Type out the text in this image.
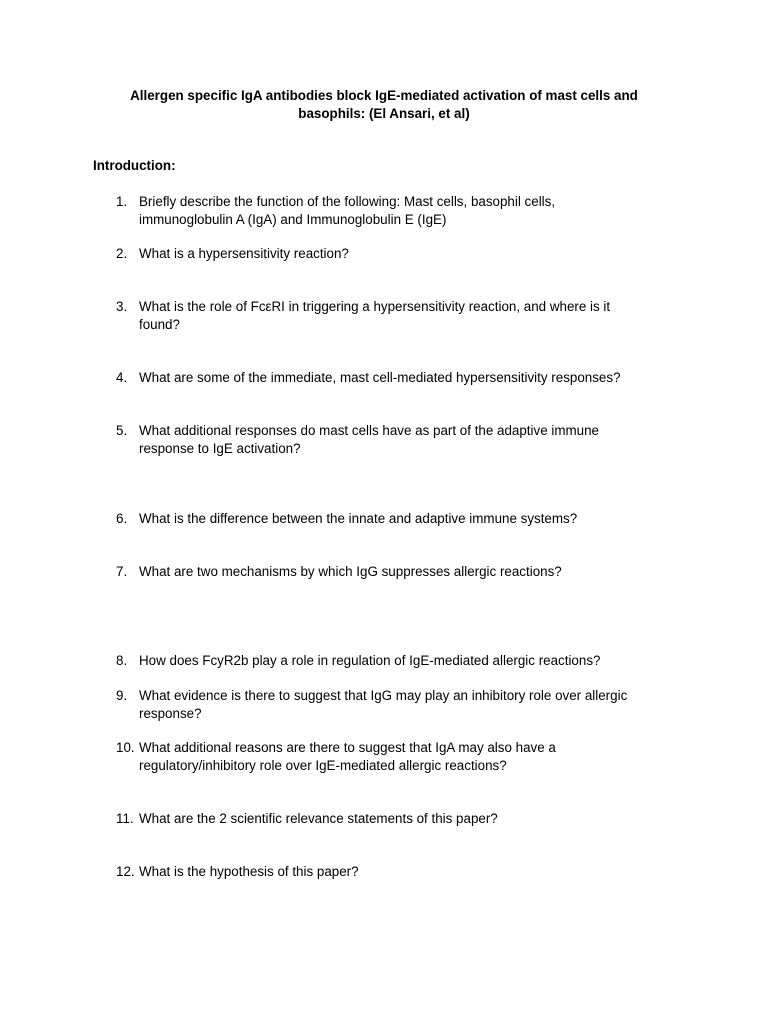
Allergen specific IgA antibodies block IgE-mediated activation of mast cells and
basophils: (El Ansari, et al)

Introduction:

1. Briefly describe the function of the following: Mast cells, basophil cells,
immunoglobulin A (IgA) and Immunoglobulin E (IgE)
2. What is a hypersensitivity reaction?
3. What is the role of FcεRI in triggering a hypersensitivity reaction, and where is it
found?
4. What are some of the immediate, mast cell-mediated hypersensitivity responses?
5. What additional responses do mast cells have as part of the adaptive immune
response to IgE activation?
6. What is the difference between the innate and adaptive immune systems?
7. What are two mechanisms by which IgG suppresses allergic reactions?
8. How does FcyR2b play a role in regulation of IgE-mediated allergic reactions?
9. What evidence is there to suggest that IgG may play an inhibitory role over allergic
response?
10. What additional reasons are there to suggest that IgA may also have a
regulatory/inhibitory role over IgE-mediated allergic reactions?
11. What are the 2 scientific relevance statements of this paper?
12. What is the hypothesis of this paper?
